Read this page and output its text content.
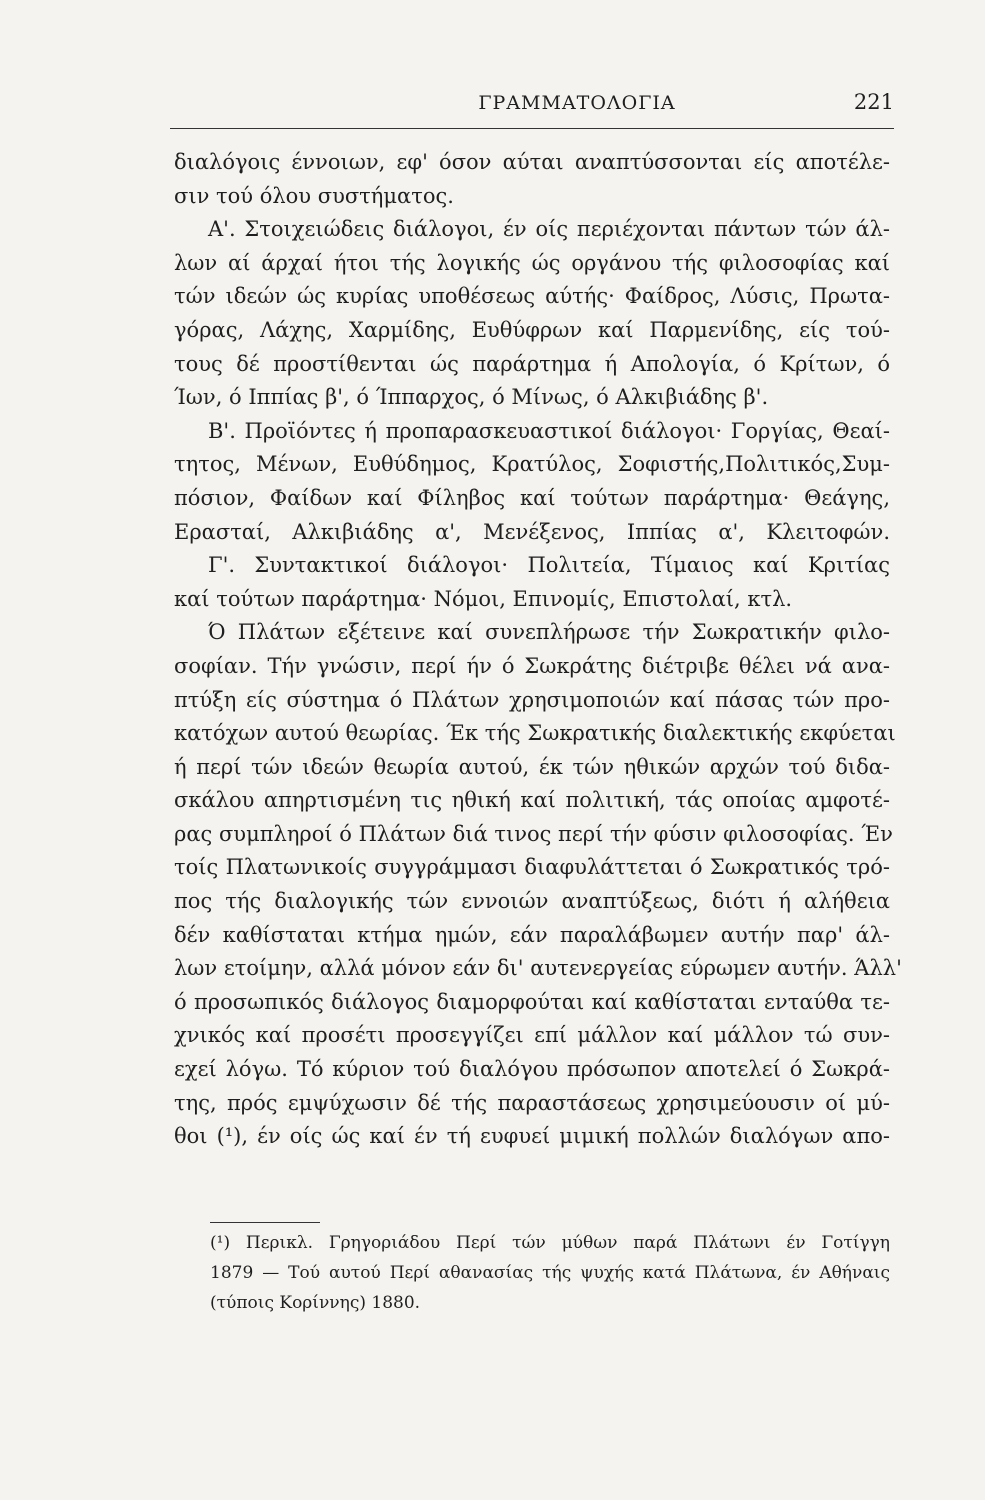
ΓΡΑΜΜΑΤΟΛΟΓΙΑ	221
διαλόγοις έννοιων, εφ' όσον αύται αναπτύσσονται είς αποτέλε-
σιν τού όλου συστήματος.
Α'. Στοιχειώδεις διάλογοι, έν οίς περιέχονται πάντων τών άλ-
λων αί άρχαί ήτοι τής λογικής ώς οργάνου τής φιλοσοφίας καί
τών ιδεών ώς κυρίας υποθέσεως αύτής· Φαίδρος, Λύσις, Πρωτα-
γόρας, Λάχης, Χαρμίδης, Ευθύφρων καί Παρμενίδης, είς τού-
τους δέ προστίθενται ώς παράρτημα ή Απολογία, ό Κρίτων, ό
Ίων, ό Ιππίας β', ό Ίππαρχος, ό Μίνως, ό Αλκιβιάδης β'.
Β'. Προϊόντες ή προπαρασκευαστικοί διάλογοι· Γοργίας, Θεαί-
τητος, Μένων, Ευθύδημος, Κρατύλος, Σοφιστής,Πολιτικός,Συμ-
πόσιον, Φαίδων καί Φίληβος καί τούτων παράρτημα· Θεάγης,
Ερασταί, Αλκιβιάδης α', Μενέξενος, Ιππίας α', Κλειτοφών.
Γ'. Συντακτικοί διάλογοι· Πολιτεία, Τίμαιος καί Κριτίας
καί τούτων παράρτημα· Νόμοι, Επινομίς, Επιστολαί, κτλ.
Ό Πλάτων εξέτεινε καί συνεπλήρωσε τήν Σωκρατικήν φιλο-
σοφίαν. Τήν γνώσιν, περί ήν ό Σωκράτης διέτριβε θέλει νά ανα-
πτύξη είς σύστημα ό Πλάτων χρησιμοποιών καί πάσας τών προ-
κατόχων αυτού θεωρίας. Έκ τής Σωκρατικής διαλεκτικής εκφύεται
ή περί τών ιδεών θεωρία αυτού, έκ τών ηθικών αρχών τού διδα-
σκάλου απηρτισμένη τις ηθική καί πολιτική, τάς οποίας αμφοτέ-
ρας συμπληροί ό Πλάτων διά τινος περί τήν φύσιν φιλοσοφίας. Έν
τοίς Πλατωνικοίς συγγράμμασι διαφυλάττεται ό Σωκρατικός τρό-
πος τής διαλογικής τών εννοιών αναπτύξεως, διότι ή αλήθεια
δέν καθίσταται κτήμα ημών, εάν παραλάβωμεν αυτήν παρ' άλ-
λων ετοίμην, αλλά μόνον εάν δι' αυτενεργείας εύρωμεν αυτήν. Άλλ'
ό προσωπικός διάλογος διαμορφούται καί καθίσταται ενταύθα τε-
χνικός καί προσέτι προσεγγίζει επί μάλλον καί μάλλον τώ συν-
εχεί λόγω. Τό κύριον τού διαλόγου πρόσωπον αποτελεί ό Σωκρά-
της, πρός εμψύχωσιν δέ τής παραστάσεως χρησιμεύουσιν οί μύ-
θοι (¹), έν οίς ώς καί έν τή ευφυεί μιμική πολλών διαλόγων απο-
(¹) Περικλ. Γρηγοριάδου Περί τών μύθων παρά Πλάτωνι έν Γοτίγγη
1879 — Τού αυτού Περί αθανασίας τής ψυχής κατά Πλάτωνα, έν Αθήναις
(τύποις Κορίννης) 1880.
